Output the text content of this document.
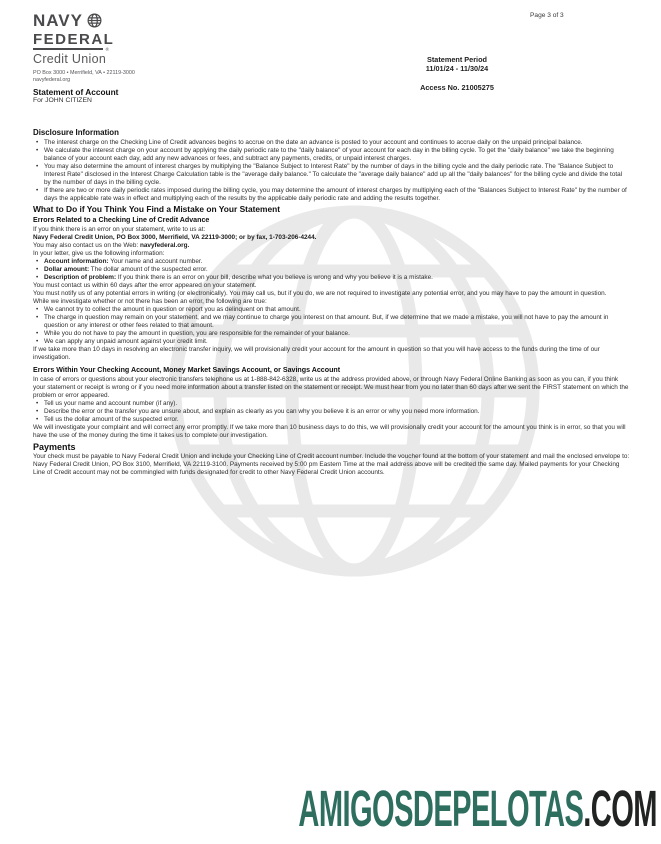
Page 3 of 3
NAVY
FEDERAL
®
Credit Union
PO Box 3000 • Merrifield, VA • 22119-3000
navyfederal.org
Statement Period
11/01/24 - 11/30/24
Access No. 21005275
Statement of Account
For JOHN CITIZEN
Disclosure Information
• The interest charge on the Checking Line of Credit advances begins to accrue on the date an advance is posted to your account and continues to accrue daily on the unpaid principal balance.
• We calculate the interest charge on your account by applying the daily periodic rate to the "daily balance" of your account for each day in the billing cycle. To get the "daily balance" we take the beginning balance of your account each day, add any new advances or fees, and subtract any payments, credits, or unpaid interest charges.
• You may also determine the amount of interest charges by multiplying the "Balance Subject to Interest Rate" by the number of days in the billing cycle and the daily periodic rate. The "Balance Subject to Interest Rate" disclosed in the Interest Charge Calculation table is the "average daily balance." To calculate the "average daily balance" add up all the "daily balances" for the billing cycle and divide the total by the number of days in the billing cycle.
• If there are two or more daily periodic rates imposed during the billing cycle, you may determine the amount of interest charges by multiplying each of the "Balances Subject to Interest Rate" by the number of days the applicable rate was in effect and multiplying each of the results by the applicable daily periodic rate and adding the results together.
What to Do if You Think You Find a Mistake on Your Statement
Errors Related to a Checking Line of Credit Advance

If you think there is an error on your statement, write to us at:

Navy Federal Credit Union, PO Box 3000, Merrifield, VA 22119-3000; or by fax, 1-703-206-4244.

You may also contact us on the Web: navyfederal.org.

In your letter, give us the following information:

• Account information: Your name and account number.
• Dollar amount: The dollar amount of the suspected error.
• Description of problem: If you think there is an error on your bill, describe what you believe is wrong and why you believe it is a mistake.

You must contact us within 60 days after the error appeared on your statement.

You must notify us of any potential errors in writing (or electronically). You may call us, but if you do, we are not required to investigate any potential error, and you may have to pay the amount in question.

While we investigate whether or not there has been an error, the following are true:

• We cannot try to collect the amount in question or report you as delinquent on that amount.
• The charge in question may remain on your statement, and we may continue to charge you interest on that amount. But, if we determine that we made a mistake, you will not have to pay the amount in question or any interest or other fees related to that amount.
• While you do not have to pay the amount in question, you are responsible for the remainder of your balance.
• We can apply any unpaid amount against your credit limit.

If we take more than 10 days in resolving an electronic transfer inquiry, we will provisionally credit your account for the amount in question so that you will have access to the funds during the time of our investigation.

Errors Within Your Checking Account, Money Market Savings Account, or Savings Account

In case of errors or questions about your electronic transfers telephone us at 1-888-842-6328, write us at the address provided above, or through Navy Federal Online Banking as soon as you can, if you think your statement or receipt is wrong or if you need more information about a transfer listed on the statement or receipt. We must hear from you no later than 60 days after we sent the FIRST statement on which the problem or error appeared.

• Tell us your name and account number (if any).
• Describe the error or the transfer you are unsure about, and explain as clearly as you can why you believe it is an error or why you need more information.
• Tell us the dollar amount of the suspected error.

We will investigate your complaint and will correct any error promptly. If we take more than 10 business days to do this, we will provisionally credit your account for the amount you think is in error, so that you will have the use of the money during the time it takes us to complete our investigation.

Payments

Your check must be payable to Navy Federal Credit Union and include your Checking Line of Credit account number. Include the voucher found at the bottom of your statement and mail the enclosed envelope to: Navy Federal Credit Union, PO Box 3100, Merrifield, VA 22119-3100. Payments received by 5:00 pm Eastern Time at the mail address above will be credited the same day. Mailed payments for your Checking Line of Credit account may not be commingled with funds designated for credit to other Navy Federal Credit Union accounts.

AMIGOSDEPELOTAS.COM
